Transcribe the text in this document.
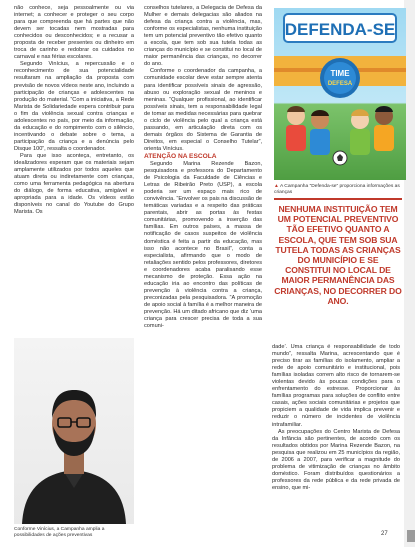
não conhece, seja pessoalmente ou via internet; a conhecer e proteger o seu corpo para que compreenda que há partes que não devem ser tocadas nem mostradas para conhecidos ou desconhecidos; e a recusar a proposta de receber presentes ou dinheiro em troca de carinho e redobrar os cuidados no carnaval e nas férias escolares.

Segundo Vinícius, a repercussão e o reconhecimento de sua potencialidade resultaram na ampliação da proposta com previsão de novos vídeos neste ano, incluindo a participação de crianças e adolescentes na produção do material. “Com a iniciativa, a Rede Marista de Solidariedade espera contribuir para o fim da violência sexual contra crianças e adolescentes no país, por meio da informação, da educação e do rompimento com o silêncio, incentivando o debate sobre o tema, a participação da criança e a denúncia pelo Disque 100”, ressalta o coordenador.

Para que isso aconteça, entretanto, os idealizadores esperam que os materiais sejam amplamente utilizados por todos aqueles que atuam direta ou indiretamente com crianças, como uma ferramenta pedagógica na abertura do diálogo, de forma educativa, amigável e apropriada para a idade. Os vídeos estão disponíveis no canal do Youtube do Grupo Marista. Os

Conforme Vinícius, a Campanha amplia a possibilidades de ações preventivas

conselhos tutelares, a Delegacia de Defesa da Mulher e demais delegacias são aliados na defesa da criança contra a violência, mas, conforme os especialistas, nenhuma instituição tem um potencial preventivo tão efetivo quanto a escola, que tem sob sua tutela todas as crianças do município e se constitui no local de maior permanência das crianças, no decorrer do ano.

Conforme o coordenador da campanha, a comunidade escolar deve estar sempre atenta para identificar possíveis sinais de agressão, abuso ou exploração sexual de meninos e meninas. “Qualquer profissional, ao identificar possíveis sinais, tem a responsabilidade legal de tomar as medidas necessárias para quebrar o ciclo de violência pelo qual a criança está passando, em articulação direta com os demais órgãos do Sistema de Garantia de Direitos, em especial o Conselho Tutelar”, orienta Vinícius.

ATENÇÃO NA ESCOLA

Segundo Marina Rezende Bazon, pesquisadora e professora do Departamento de Psicologia da Faculdade de Ciências e Letras de Ribeirão Preto (USP), a escola poderia ser um espaço mais rico de convivência. “Envolver os pais na discussão de temáticas variadas e a respeito das práticas parentais, abrir as portas às festas comunitárias, promovendo a inserção das famílias. Em outros países, a massa de notificação de casos suspeitos de violência doméstica é feita a partir da educação, mas isso não acontece no Brasil”, conta a especialista, afirmando que o modo de retaliações sentido pelos professores, diretores e coordenadores acaba paralisando esse mecanismo de proteção. Essa ação na educação iria ao encontro das políticas de prevenção à violência contra a criança, preconizadas pela pesquisadora. “A promoção de apoio social à família é a melhor maneira de prevenção. Há um ditado africano que diz ‘uma criança para crescer precisa de toda a sua comuni-

DEFENDA-SE
TIME
DEFESA
▲ A Campanha “Defenda-se” proporciona informações as crianças
NENHUMA INSTITUIÇÃO TEM UM POTENCIAL PREVENTIVO TÃO EFETIVO QUANTO A ESCOLA, QUE TEM SOB SUA TUTELA TODAS AS CRIANÇAS DO MUNICÍPIO E SE CONSTITUI NO LOCAL DE MAIOR PERMANÊNCIA DAS CRIANÇAS, NO DECORRER DO ANO.

dade’. Uma criança é responsabilidade de todo mundo”, ressalta Marina, acrescentando que é preciso tirar as famílias do isolamento, ampliar a rede de apoio comunitário e institucional, pois famílias isoladas correm alto risco de tornarem-se violentas devido às poucas condições para o enfrentamento do estresse. Proporcionar às famílias programas para soluções de conflito entre casais, ações sociais comunitárias e projetos que propiciem a qualidade de vida implica prevenir e reduzir o número de incidentes de violência intrafamiliar.

As preocupações do Centro Marista de Defesa da Infância são pertinentes, de acordo com os resultados obtidos por Marina Rezende Bazon, na pesquisa que realizou em 25 municípios da região, de 2006 a 2007, para verificar a magnitude do problema de vitimização de crianças no âmbito doméstico. Foram distribuídos questionários a professores da rede pública e da rede privada de ensino, que mi-

27
